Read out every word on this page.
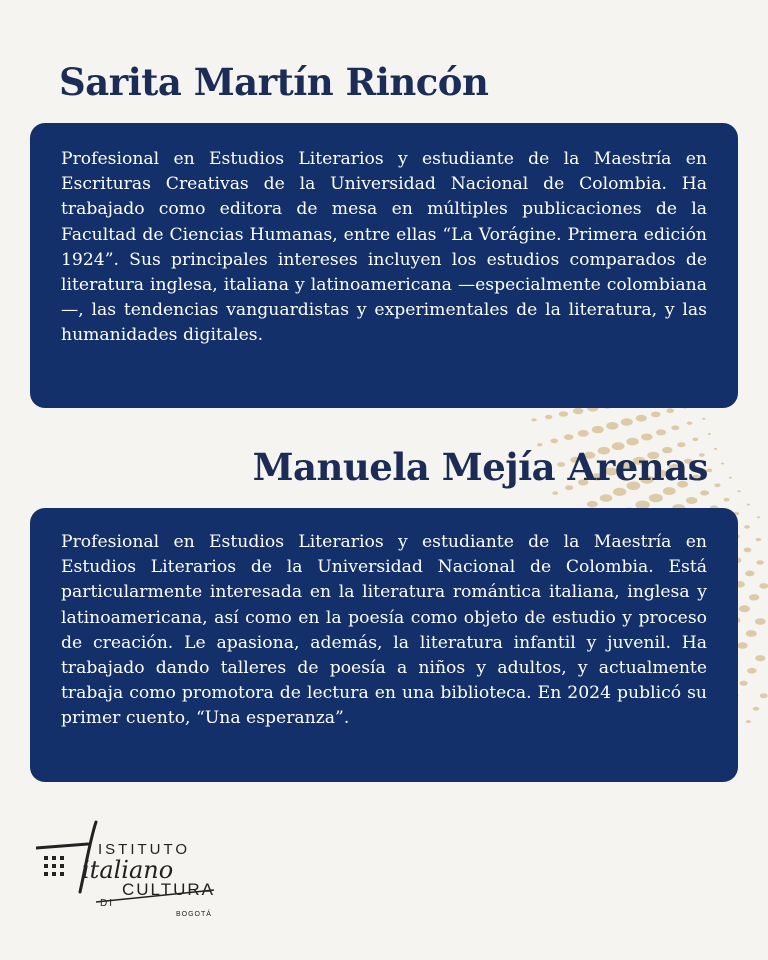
Sarita Martín Rincón

Profesional en Estudios Literarios y estudiante de la Maestría en Escrituras Creativas de la Universidad Nacional de Colombia. Ha trabajado como editora de mesa en múltiples publicaciones de la Facultad de Ciencias Humanas, entre ellas “La Vorágine. Primera edición 1924”. Sus principales intereses incluyen los estudios comparados de literatura inglesa, italiana y latinoamericana —especialmente colombiana—, las tendencias vanguardistas y experimentales de la literatura, y las humanidades digitales.

Manuela Mejía Arenas

Profesional en Estudios Literarios y estudiante de la Maestría en Estudios Literarios de la Universidad Nacional de Colombia. Está particularmente interesada en la literatura romántica italiana, inglesa y latinoamericana, así como en la poesía como objeto de estudio y proceso de creación. Le apasiona, además, la literatura infantil y juvenil. Ha trabajado dando talleres de poesía a niños y adultos, y actualmente trabaja como promotora de lectura en una biblioteca. En 2024 publicó su primer cuento, “Una esperanza”.

ISTITUTO
italiano
DI
CULTURA
BOGOTÁ
